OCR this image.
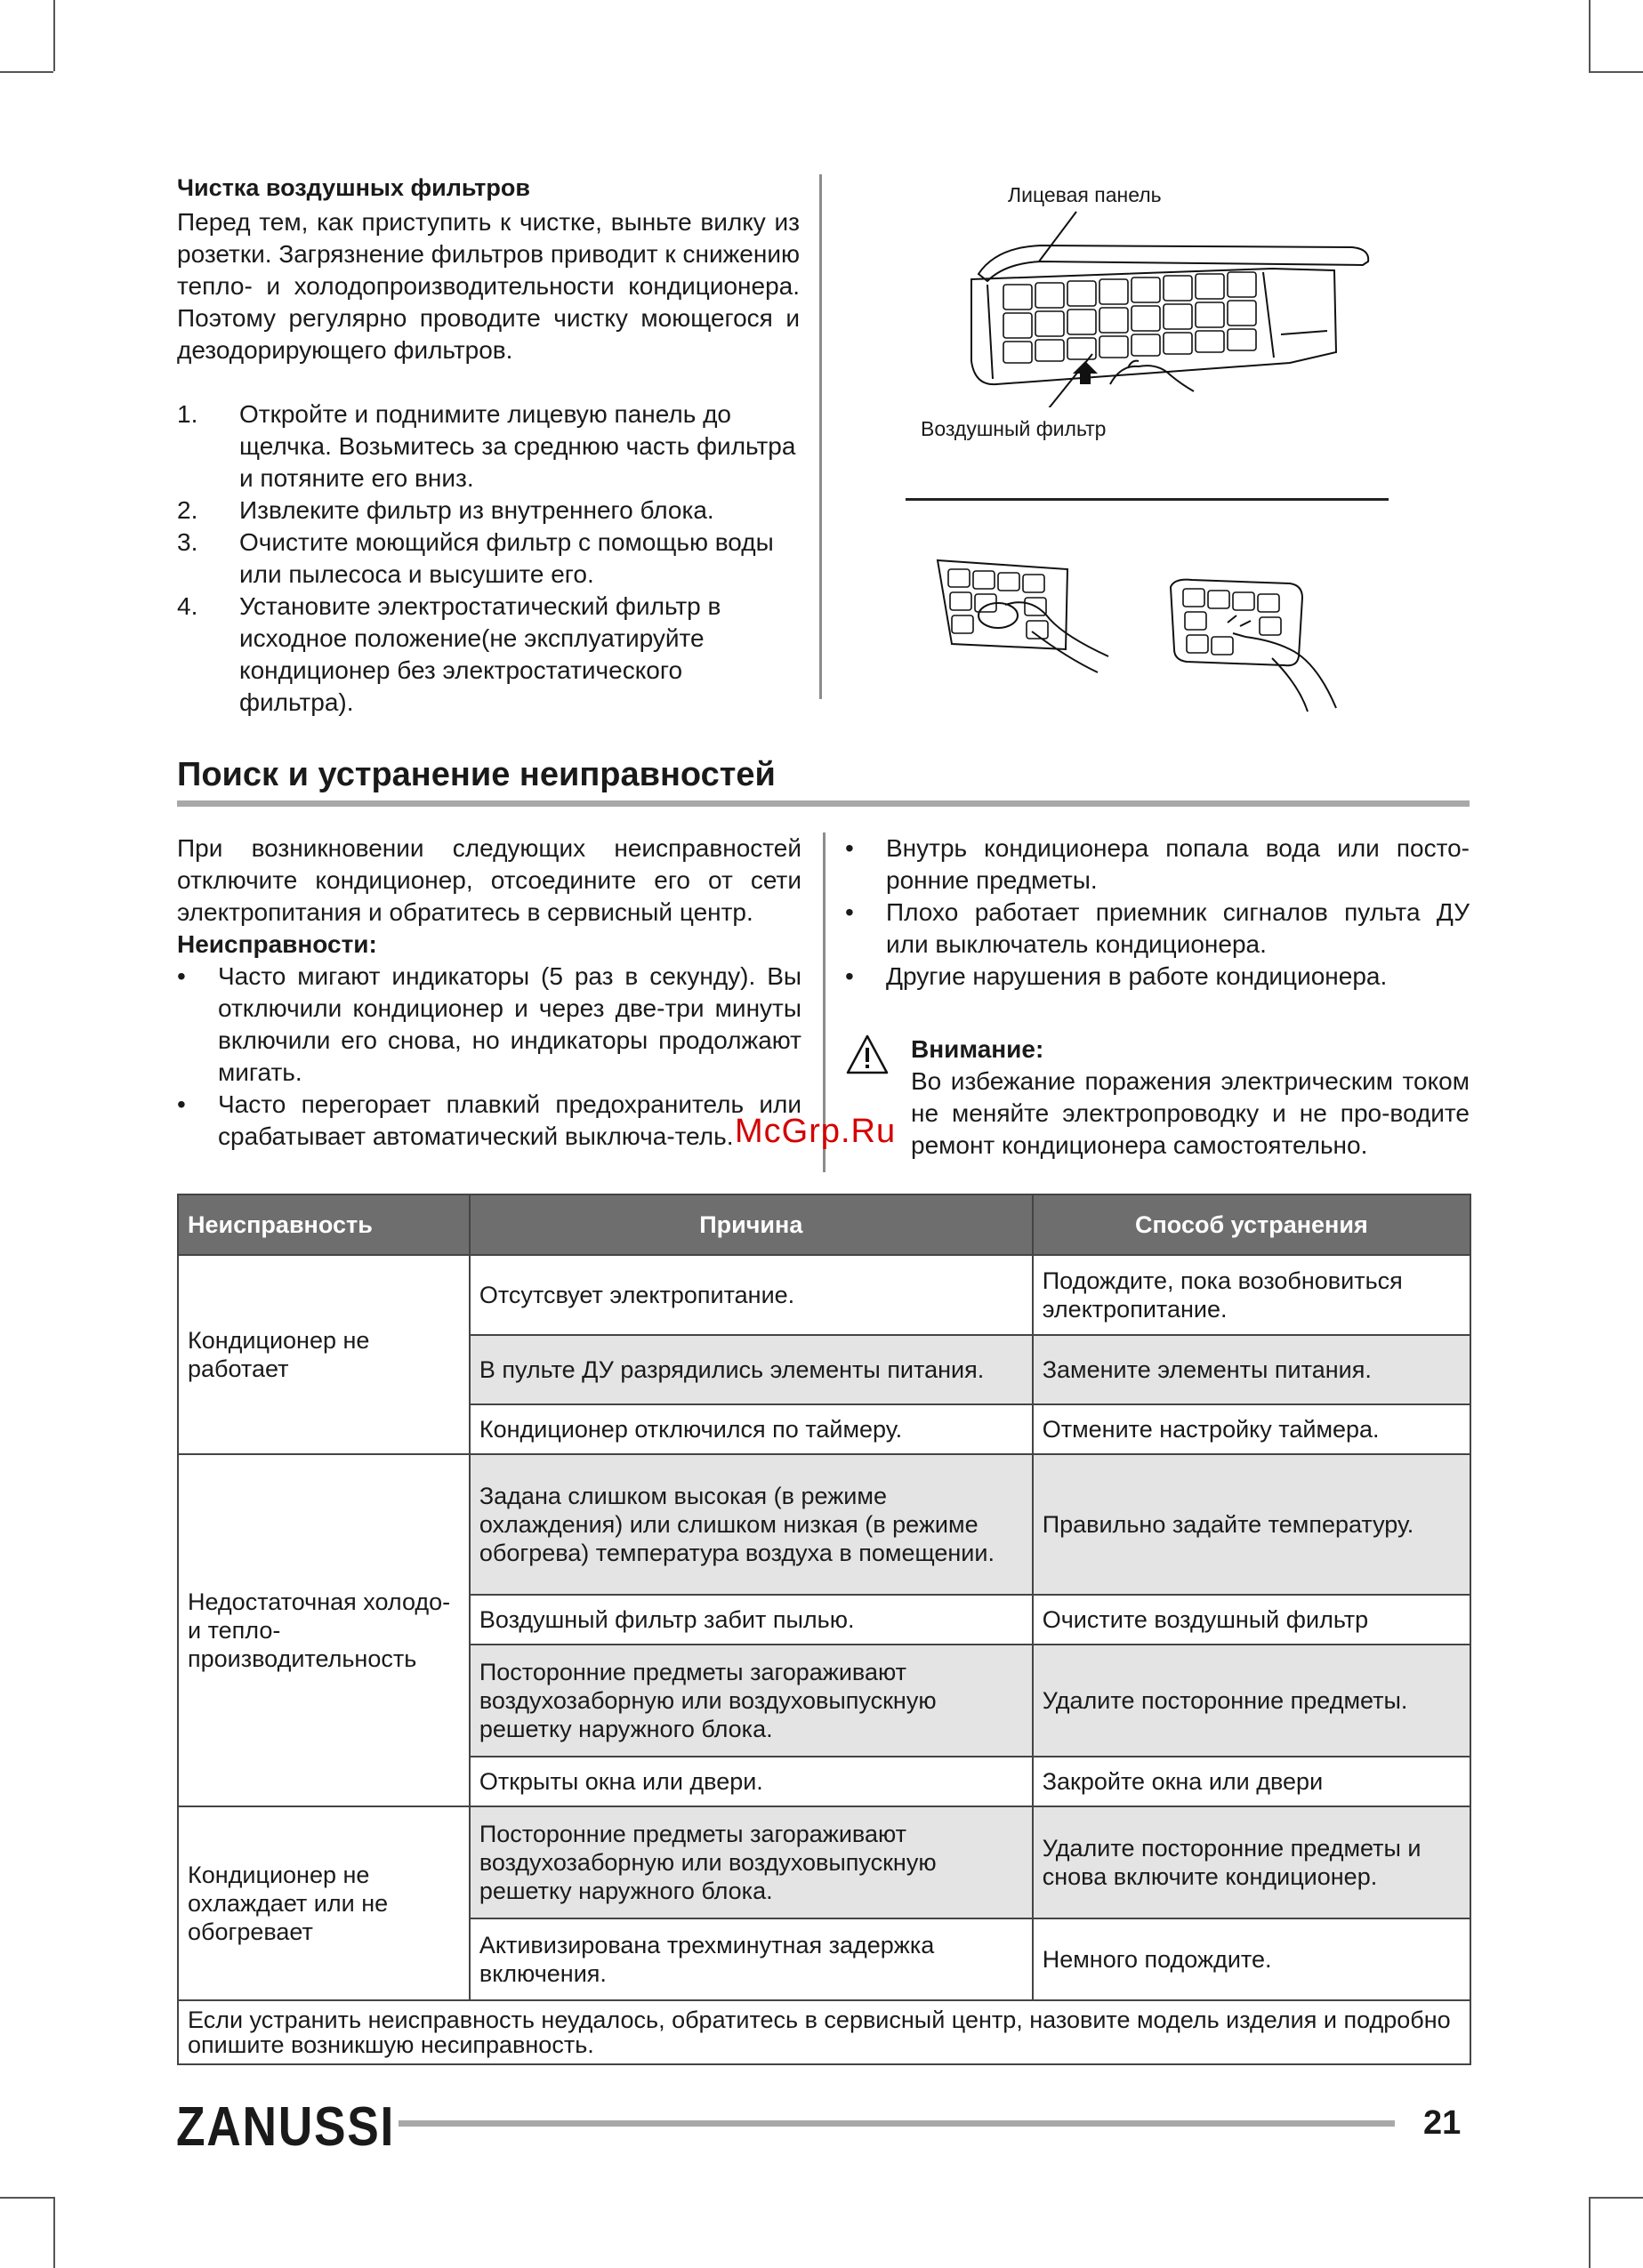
Чистка воздушных фильтров

Перед тем, как приступить к чистке, выньте вилку из розетки. Загрязнение фильтров приводит к снижению тепло- и холодопроизводительности кондиционера. Поэтому регулярно проводите чистку моющегося и дезодорирующего фильтров.

1.	Откройте и поднимите лицевую панель до щелчка. Возьмитесь за среднюю часть фильтра и потяните его вниз.
2.	Извлеките фильтр из внутреннего блока.
3.	Очистите моющийся фильтр с помощью воды или пылесоса и высушите его.
4.	Установите электростатический фильтр в исходное положение(не эксплуатируйте кондиционер без электростатического фильтра).
Лицевая панель
Воздушный фильтр
Поиск и устранение неиправностей

При возникновении следующих неисправностей отключите кондиционер, отсоедините его от сети электропитания и обратитесь в сервисный центр.

Неисправности:
• Часто мигают индикаторы (5 раз в секунду). Вы отключили кондиционер и через две-три минуты включили его снова, но индикаторы продолжают мигать.
• Часто перегорает плавкий предохранитель или срабатывает автоматический выключа-тель.
• Внутрь кондиционера попала вода или посто-ронние предметы.
• Плохо работает приемник сигналов пульта ДУ или выключатель кондиционера.
• Другие нарушения в работе кондиционера.
Внимание:
Во избежание поражения электрическим током не меняйте электропроводку и не про-водите ремонт кондиционера самостоятельно.
McGrp.Ru
Неисправность	Причина	Способ устранения
Кондиционер не работает	Отсутсвует электропитание.	Подождите, пока возобновиться электропитание.
	В пульте ДУ разрядились элементы питания.	Замените элементы питания.
	Кондиционер отключился по таймеру.	Отмените настройку таймера.
Недостаточная холодо- и тепло-производительность	Задана слишком высокая (в режиме охлаждения) или слишком низкая (в режиме обогрева) температура воздуха в помещении.	Правильно задайте температуру.
	Воздушный фильтр забит пылью.	Очистите воздушный фильтр
	Посторонние предметы загораживают воздухозаборную или воздуховыпускную решетку наружного блока.	Удалите посторонние предметы.
	Открыты окна или двери.	Закройте окна или двери
Кондиционер не охлаждает или не обогревает	Посторонние предметы загораживают воздухозаборную или воздуховыпускную решетку наружного блока.	Удалите посторонние предметы и снова включите кондиционер.
	Активизирована трехминутная задержка включения.	Немного подождите.
Если устранить неисправность неудалось, обратитесь в сервисный центр, назовите модель изделия и подробно опишите возникшую несиправность.		
ZANUSSI	21
